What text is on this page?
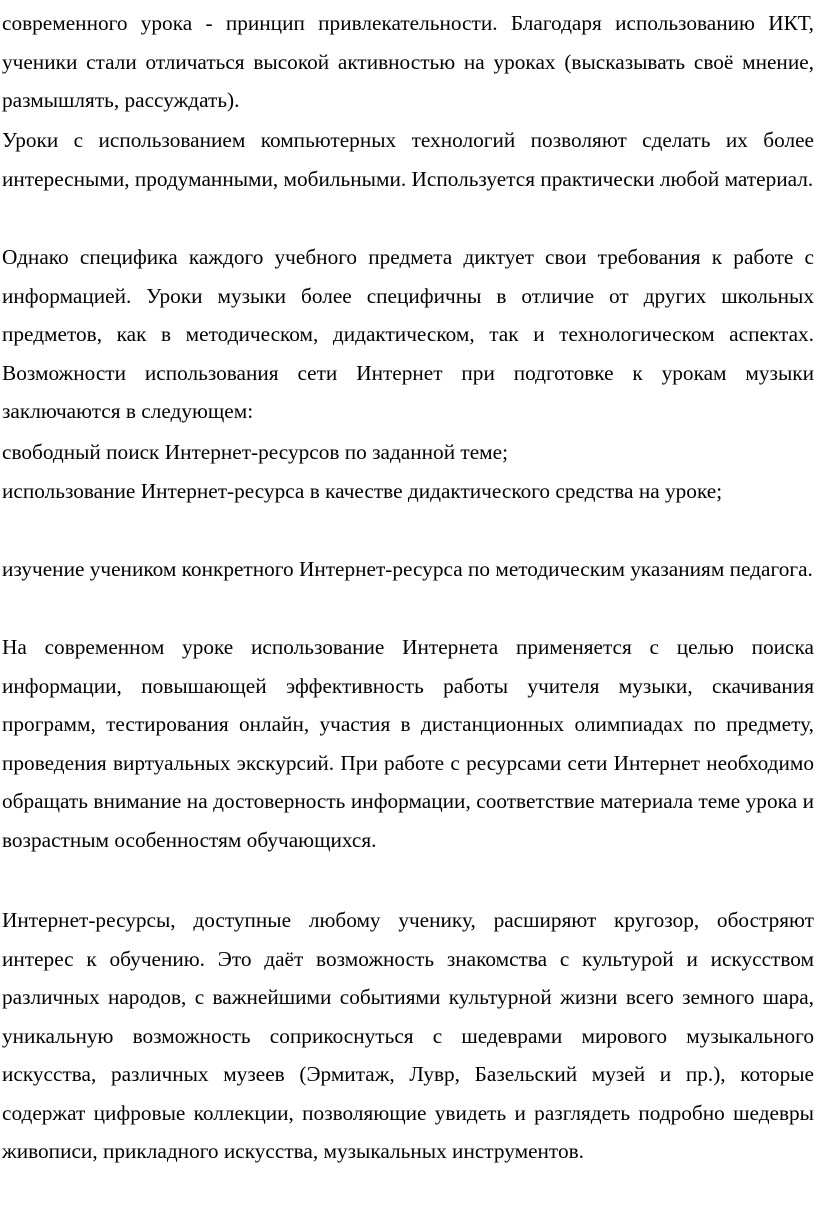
современного урока - принцип привлекательности. Благодаря использованию ИКТ, ученики стали отличаться высокой активностью на уроках (высказывать своё мнение, размышлять, рассуждать).

Уроки с использованием компьютерных технологий позволяют сделать их более интересными, продуманными, мобильными. Используется практически любой материал.

Однако специфика каждого учебного предмета диктует свои требования к работе с информацией. Уроки музыки более специфичны в отличие от других школьных предметов, как в методическом, дидактическом, так и технологическом аспектах. Возможности использования сети Интернет при подготовке к урокам музыки заключаются в следующем:

свободный поиск Интернет-ресурсов по заданной теме;

использование Интернет-ресурса в качестве дидактического средства на уроке;

изучение учеником конкретного Интернет-ресурса по методическим указаниям педагога.

На современном уроке использование Интернета применяется с целью поиска информации, повышающей эффективность работы учителя музыки, скачивания программ, тестирования онлайн, участия в дистанционных олимпиадах по предмету, проведения виртуальных экскурсий. При работе с ресурсами сети Интернет необходимо обращать внимание на достоверность информации, соответствие материала теме урока и возрастным особенностям обучающихся.

Интернет-ресурсы, доступные любому ученику, расширяют кругозор, обостряют интерес к обучению. Это даёт возможность знакомства с культурой и искусством различных народов, с важнейшими событиями культурной жизни всего земного шара, уникальную возможность соприкоснуться с шедеврами мирового музыкального искусства, различных музеев (Эрмитаж, Лувр, Базельский музей и пр.), которые содержат цифровые коллекции, позволяющие увидеть и разглядеть подробно шедевры живописи, прикладного искусства, музыкальных инструментов.
